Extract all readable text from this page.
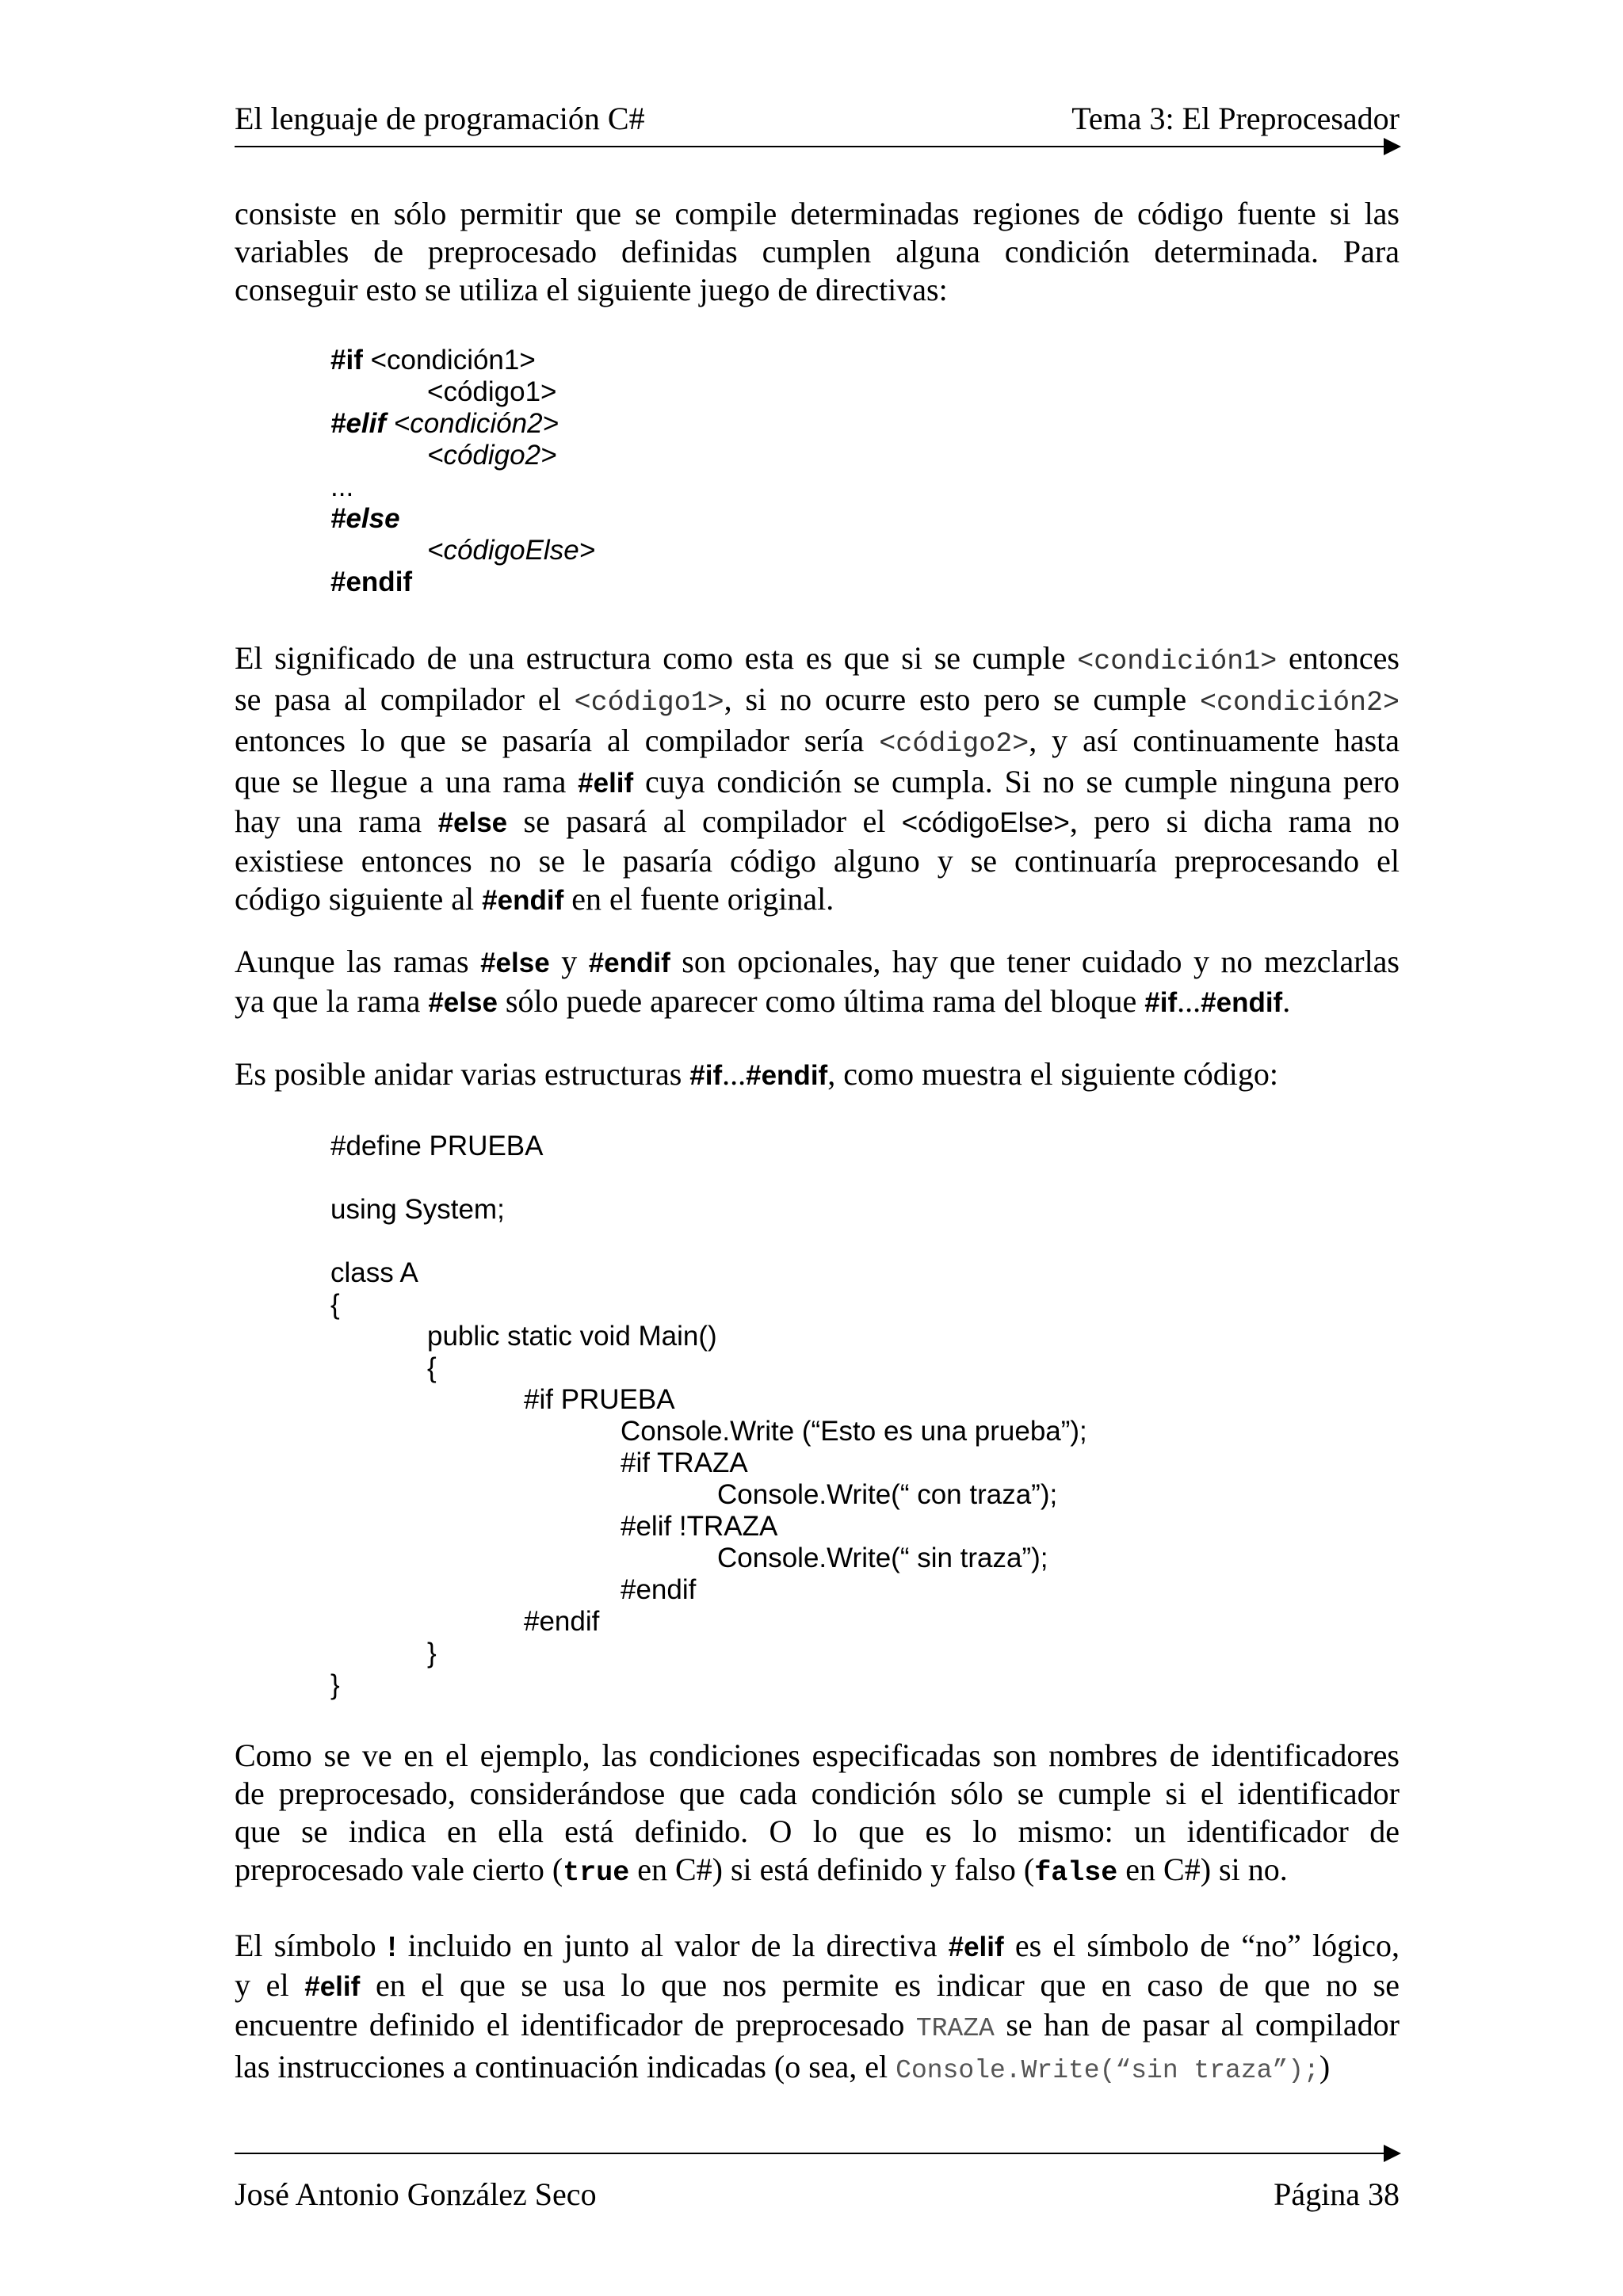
El lenguaje de programación C#	Tema 3: El Preprocesador
consiste en sólo permitir que se compile determinadas regiones de código fuente si las
variables de preprocesado definidas cumplen alguna condición determinada. Para
conseguir esto se utiliza el siguiente juego de directivas:
#if <condición1>
<código1>
#elif <condición2>
<código2>
...
#else
<códigoElse>
#endif
El significado de una estructura como esta es que si se cumple <condición1> entonces
se pasa al compilador el <código1>, si no ocurre esto pero se cumple <condición2>
entonces lo que se pasaría al compilador sería <código2>, y así continuamente hasta
que se llegue a una rama #elif cuya condición se cumpla. Si no se cumple ninguna pero
hay una rama #else se pasará al compilador el <códigoElse>, pero si dicha rama no
existiese entonces no se le pasaría código alguno y se continuaría preprocesando el
código siguiente al #endif en el fuente original.
Aunque las ramas #else y #endif son opcionales, hay que tener cuidado y no mezclarlas
ya que la rama #else sólo puede aparecer como última rama del bloque #if...#endif.
Es posible anidar varias estructuras #if...#endif, como muestra el siguiente código:
#define PRUEBA
using System;
class A
{
public static void Main()
{
#if PRUEBA
Console.Write (“Esto es una prueba”);
#if TRAZA
Console.Write(“ con traza”);
#elif !TRAZA
Console.Write(“ sin traza”);
#endif
#endif
}
}
Como se ve en el ejemplo, las condiciones especificadas son nombres de identificadores
de preprocesado, considerándose que cada condición sólo se cumple si el identificador
que se indica en ella está definido. O lo que es lo mismo: un identificador de
preprocesado vale cierto (true en C#) si está definido y falso (false en C#) si no.
El símbolo ! incluido en junto al valor de la directiva #elif es el símbolo de “no” lógico,
y el #elif en el que se usa lo que nos permite es indicar que en caso de que no se
encuentre definido el identificador de preprocesado TRAZA se han de pasar al compilador
las instrucciones a continuación indicadas (o sea, el Console.Write(“sin traza”);)
José Antonio González Seco	Página 38
